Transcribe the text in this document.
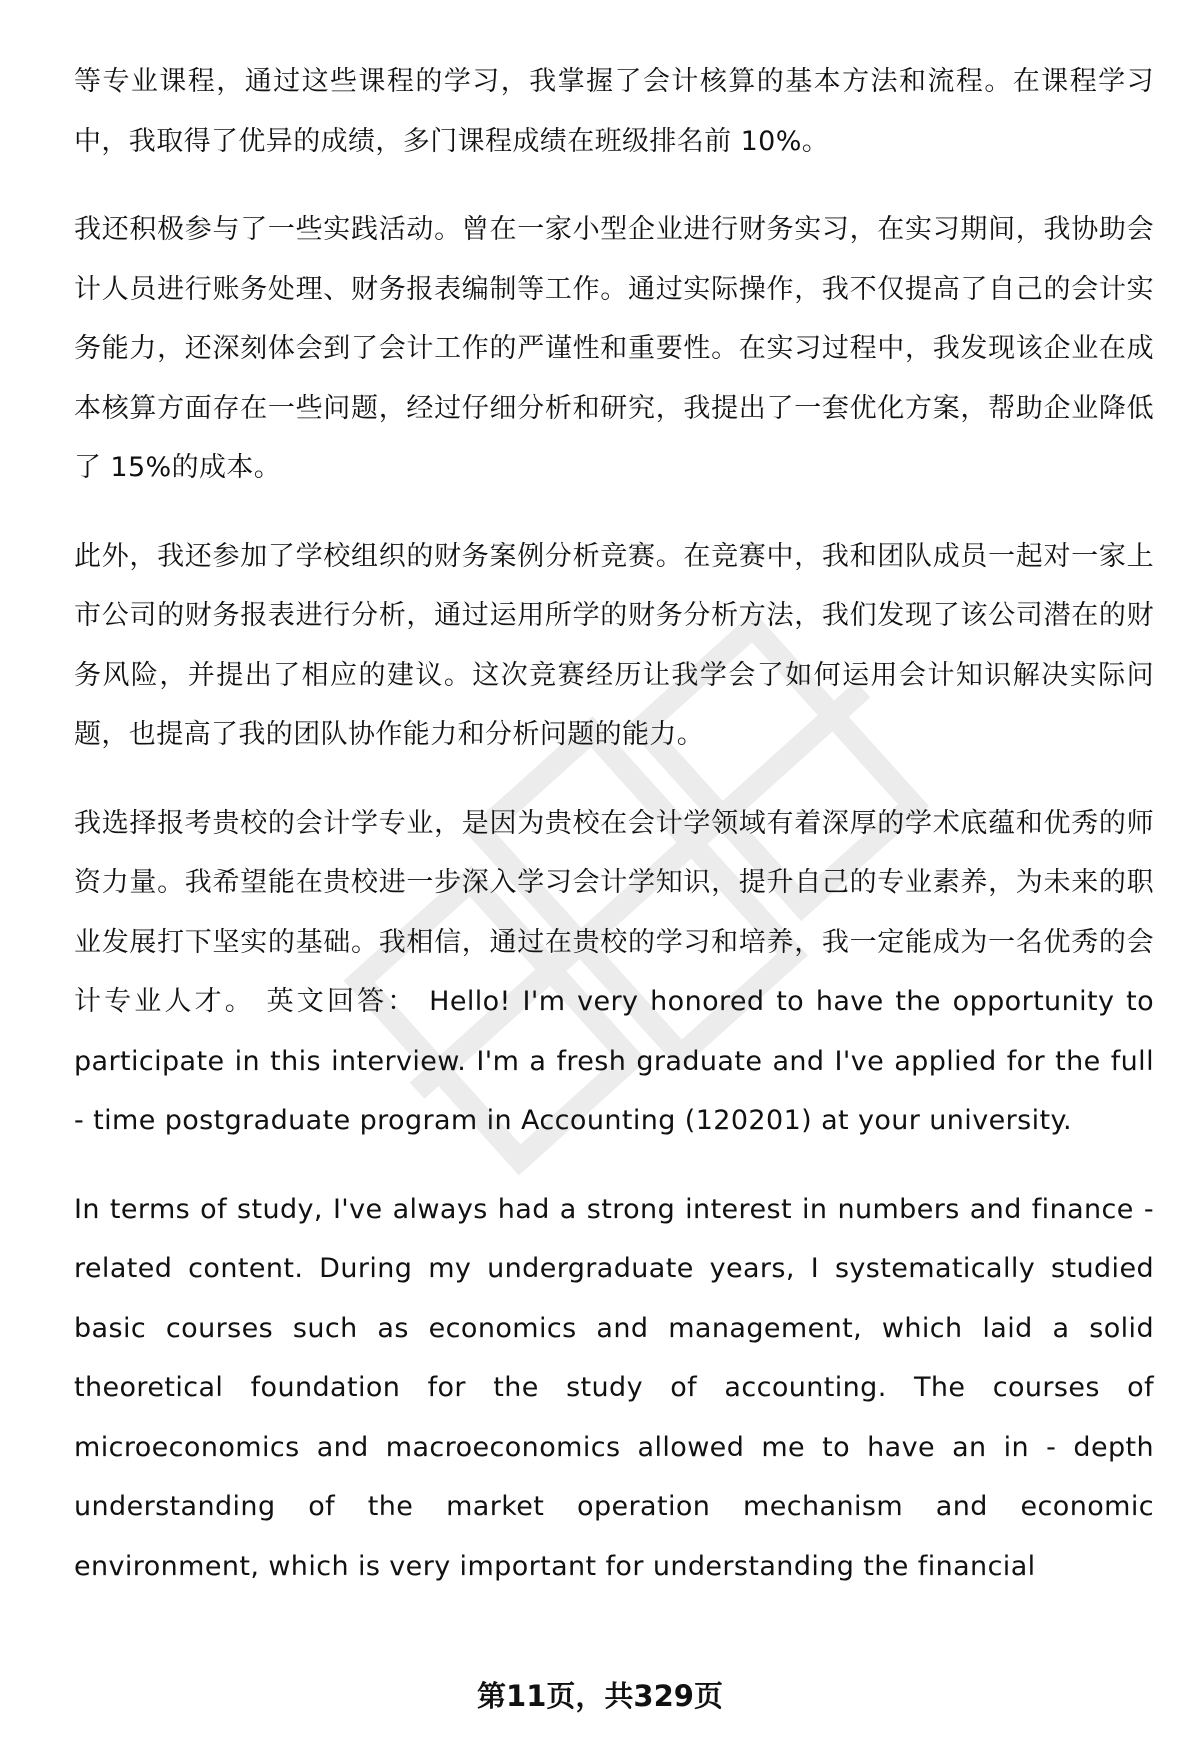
等专业课程，通过这些课程的学习，我掌握了会计核算的基本方法和流程。在课程学习中，我取得了优异的成绩，多门课程成绩在班级排名前 10%。

我还积极参与了一些实践活动。曾在一家小型企业进行财务实习，在实习期间，我协助会计人员进行账务处理、财务报表编制等工作。通过实际操作，我不仅提高了自己的会计实务能力，还深刻体会到了会计工作的严谨性和重要性。在实习过程中，我发现该企业在成本核算方面存在一些问题，经过仔细分析和研究，我提出了一套优化方案，帮助企业降低了 15%的成本。

此外，我还参加了学校组织的财务案例分析竞赛。在竞赛中，我和团队成员一起对一家上市公司的财务报表进行分析，通过运用所学的财务分析方法，我们发现了该公司潜在的财务风险，并提出了相应的建议。这次竞赛经历让我学会了如何运用会计知识解决实际问题，也提高了我的团队协作能力和分析问题的能力。

我选择报考贵校的会计学专业，是因为贵校在会计学领域有着深厚的学术底蕴和优秀的师资力量。我希望能在贵校进一步深入学习会计学知识，提升自己的专业素养，为未来的职业发展打下坚实的基础。我相信，通过在贵校的学习和培养，我一定能成为一名优秀的会计专业人才。 英文回答： Hello! I'm very honored to have the opportunity to participate in this interview. I'm a fresh graduate and I've applied for the full - time postgraduate program in Accounting (120201) at your university.

In terms of study, I've always had a strong interest in numbers and finance - related content. During my undergraduate years, I systematically studied basic courses such as economics and management, which laid a solid theoretical foundation for the study of accounting. The courses of microeconomics and macroeconomics allowed me to have an in - depth understanding of the market operation mechanism and economic environment, which is very important for understanding the financial

第11页，共329页
